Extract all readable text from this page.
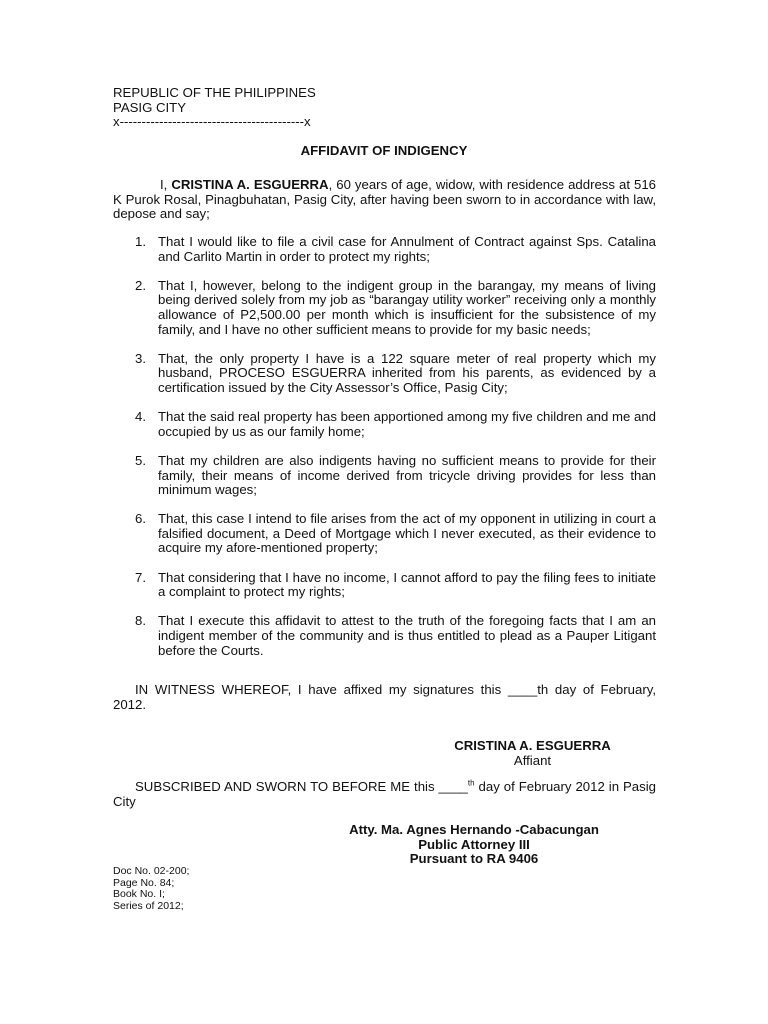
REPUBLIC OF THE PHILIPPINES
PASIG CITY
x------------------------------------------x
AFFIDAVIT OF INDIGENCY
I, CRISTINA A. ESGUERRA, 60 years of age, widow, with residence address at 516 K Purok Rosal, Pinagbuhatan, Pasig City, after having been sworn to in accordance with law, depose and say;
1. That I would like to file a civil case for Annulment of Contract against Sps. Catalina and Carlito Martin in order to protect my rights;
2. That I, however, belong to the indigent group in the barangay, my means of living being derived solely from my job as “barangay utility worker” receiving only a monthly allowance of P2,500.00 per month which is insufficient for the subsistence of my family, and I have no other sufficient means to provide for my basic needs;
3. That, the only property I have is a 122 square meter of real property which my husband, PROCESO ESGUERRA inherited from his parents, as evidenced by a certification issued by the City Assessor’s Office, Pasig City;
4. That the said real property has been apportioned among my five children and me and occupied by us as our family home;
5. That my children are also indigents having no sufficient means to provide for their family, their means of income derived from tricycle driving provides for less than minimum wages;
6. That, this case I intend to file arises from the act of my opponent in utilizing in court a falsified document, a Deed of Mortgage which I never executed, as their evidence to acquire my afore-mentioned property;
7. That considering that I have no income, I cannot afford to pay the filing fees to initiate a complaint to protect my rights;
8. That I execute this affidavit to attest to the truth of the foregoing facts that I am an indigent member of the community and is thus entitled to plead as a Pauper Litigant before the Courts.
IN WITNESS WHEREOF, I have affixed my signatures this ____th day of February, 2012.
CRISTINA A. ESGUERRA
Affiant
SUBSCRIBED AND SWORN TO BEFORE ME this ____$^{th}$ day of February 2012 in Pasig City
Atty. Ma. Agnes Hernando -Cabacungan
Public Attorney III
Pursuant to RA 9406
Doc No. 02-200;
Page No. 84;
Book No. I;
Series of 2012;
